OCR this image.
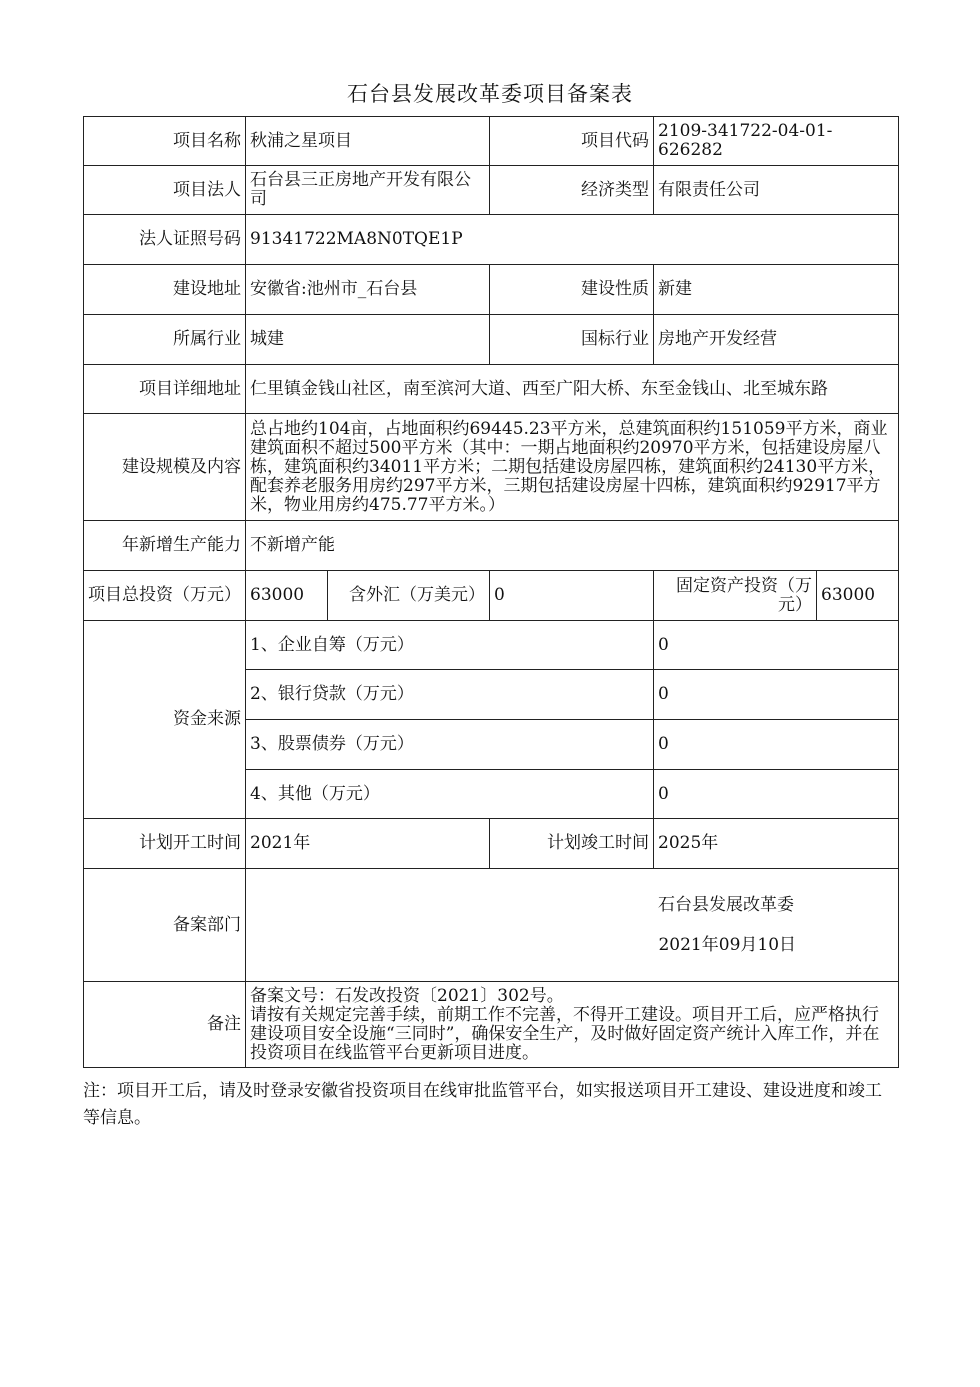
石台县发展改革委项目备案表
项目名称	秋浦之星项目		项目代码	2109-341722-04-01-626282	
项目法人	石台县三正房地产开发有限公司		经济类型	有限责任公司	
法人证照号码	91341722MA8N0TQE1P				
建设地址	安徽省:池州市_石台县		建设性质	新建	
所属行业	城建		国标行业	房地产开发经营	
项目详细地址	仁里镇金钱山社区，南至滨河大道、西至广阳大桥、东至金钱山、北至城东路				
建设规模及内容	总占地约104亩，占地面积约69445.23平方米，总建筑面积约151059平方米，商业建筑面积不超过500平方米（其中：一期占地面积约20970平方米，包括建设房屋八栋，建筑面积约34011平方米；二期包括建设房屋四栋，建筑面积约24130平方米，配套养老服务用房约297平方米，三期包括建设房屋十四栋，建筑面积约92917平方米，物业用房约475.77平方米。）				
年新增生产能力	不新增产能				
项目总投资（万元）	63000	含外汇（万美元）	0	固定资产投资（万元）	63000
资金来源	1、企业自筹（万元）			0	
	2、银行贷款（万元）			0	
	3、股票债券（万元）			0	
	4、其他（万元）			0	
计划开工时间	2021年		计划竣工时间	2025年	
备案部门	石台县发展改革委
2021年09月10日				

备注	备案文号：石发改投资〔2021〕302号。
请按有关规定完善手续，前期工作不完善，不得开工建设。项目开工后，应严格执行建设项目安全设施“三同时”，确保安全生产，及时做好固定资产统计入库工作，并在投资项目在线监管平台更新项目进度。				
注：项目开工后，请及时登录安徽省投资项目在线审批监管平台，如实报送项目开工建设、建设进度和竣工等信息。
